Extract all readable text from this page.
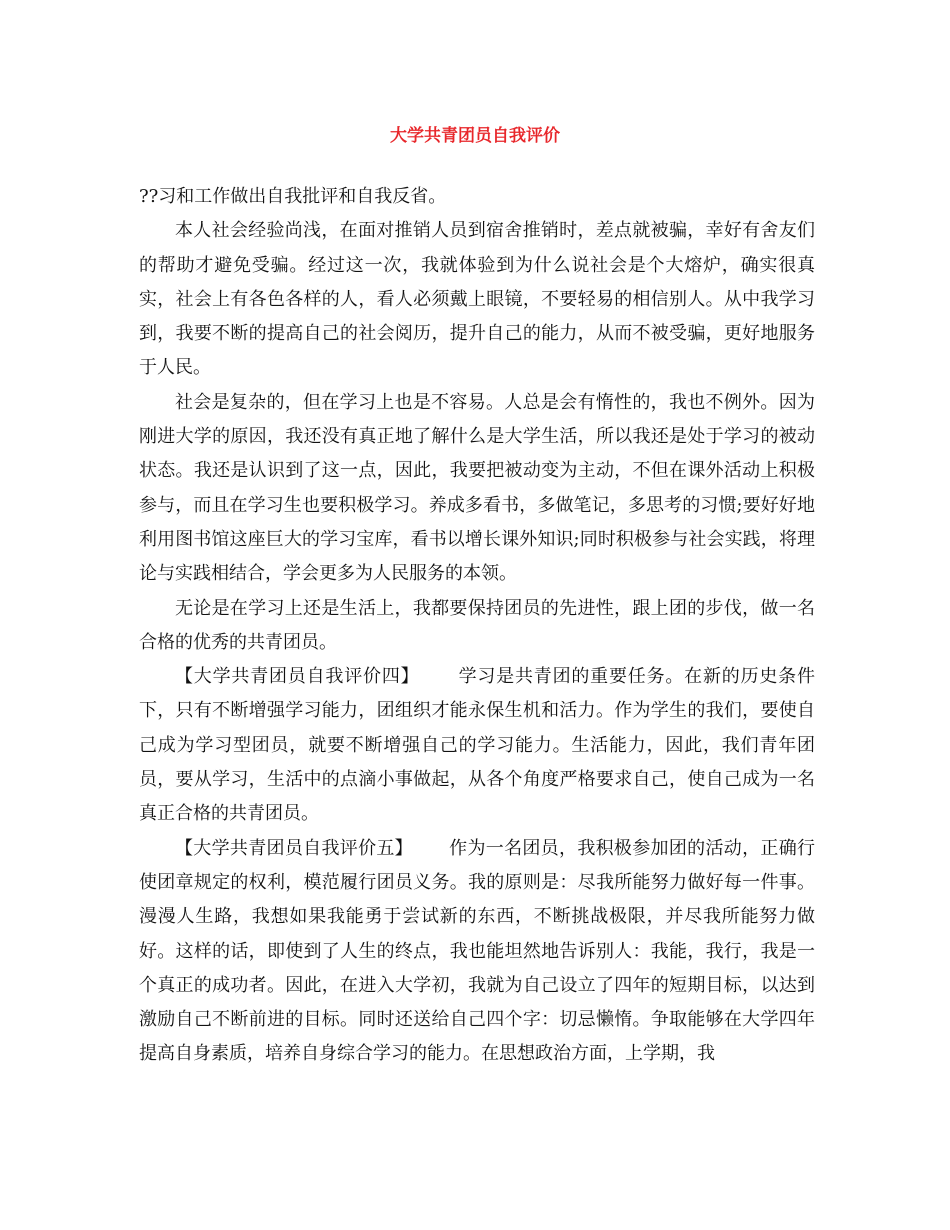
大学共青团员自我评价

??习和工作做出自我批评和自我反省。

本人社会经验尚浅，在面对推销人员到宿舍推销时，差点就被骗，幸好有舍友们的帮助才避免受骗。经过这一次，我就体验到为什么说社会是个大熔炉，确实很真实，社会上有各色各样的人，看人必须戴上眼镜，不要轻易的相信别人。从中我学习到，我要不断的提高自己的社会阅历，提升自己的能力，从而不被受骗，更好地服务于人民。

社会是复杂的，但在学习上也是不容易。人总是会有惰性的，我也不例外。因为刚进大学的原因，我还没有真正地了解什么是大学生活，所以我还是处于学习的被动状态。我还是认识到了这一点，因此，我要把被动变为主动，不但在课外活动上积极参与，而且在学习生也要积极学习。养成多看书，多做笔记，多思考的习惯;要好好地利用图书馆这座巨大的学习宝库，看书以增长课外知识;同时积极参与社会实践，将理论与实践相结合，学会更多为人民服务的本领。

无论是在学习上还是生活上，我都要保持团员的先进性，跟上团的步伐，做一名合格的优秀的共青团员。

【大学共青团员自我评价四】 学习是共青团的重要任务。在新的历史条件下，只有不断增强学习能力，团组织才能永保生机和活力。作为学生的我们，要使自己成为学习型团员，就要不断增强自己的学习能力。生活能力，因此，我们青年团员，要从学习，生活中的点滴小事做起，从各个角度严格要求自己，使自己成为一名真正合格的共青团员。

【大学共青团员自我评价五】 作为一名团员，我积极参加团的活动，正确行使团章规定的权利，模范履行团员义务。我的原则是：尽我所能努力做好每一件事。 漫漫人生路，我想如果我能勇于尝试新的东西，不断挑战极限，并尽我所能努力做好。这样的话，即使到了人生的终点，我也能坦然地告诉别人：我能，我行，我是一个真正的成功者。因此，在进入大学初，我就为自己设立了四年的短期目标，以达到激励自己不断前进的目标。同时还送给自己四个字：切忌懒惰。争取能够在大学四年提高自身素质，培养自身综合学习的能力。在思想政治方面，上学期，我
